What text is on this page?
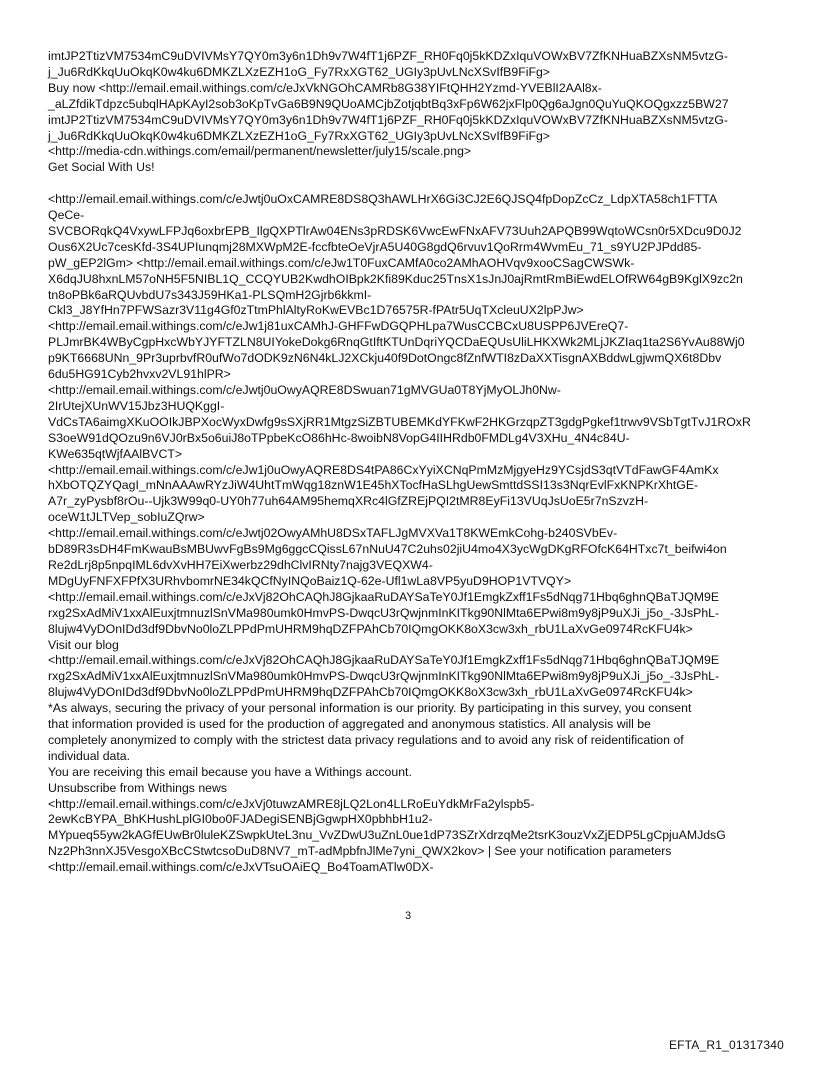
imtJP2TtizVM7534mC9uDVIVMsY7QY0m3y6n1Dh9v7W4fT1j6PZF_RH0Fq0j5kKDZxIquVOWxBV7ZfKNHuaBZXsNM5vtzG-
j_Ju6RdKkqUuOkqK0w4ku6DMKZLXzEZH1oG_Fy7RxXGT62_UGIy3pUvLNcXSvIfB9FiFg>
Buy now <http://email.email.withings.com/c/eJxVkNGOhCAMRb8G38YIFtQHH2Yzmd-YVEBlI2AAl8x-
_aLZfdikTdpzc5ubqlHApKAyI2sob3oKpTvGa6B9N9QUoAMCjbZotjqbtBq3xFp6W62jxFlp0Qg6aJgn0QuYuQKOQgxzz5BW27
imtJP2TtizVM7534mC9uDVIVMsY7QY0m3y6n1Dh9v7W4fT1j6PZF_RH0Fq0j5kKDZxIquVOWxBV7ZfKNHuaBZXsNM5vtzG-
j_Ju6RdKkqUuOkqK0w4ku6DMKZLXzEZH1oG_Fy7RxXGT62_UGIy3pUvLNcXSvIfB9FiFg>
<http://media-cdn.withings.com/email/permanent/newsletter/july15/scale.png>
Get Social With Us!
<http://email.email.withings.com/c/eJwtj0uOxCAMRE8DS8Q3hAWLHrX6Gi3CJ2E6QJSQ4fpDopZcCz_LdpXTA58ch1FTTA
QeCe-
SVCBORqkQ4VxywLFPJq6oxbrEPB_IlgQXPTlrAw04ENs3pRDSK6VwcEwFNxAFV73Uuh2APQB99WqtoWCsn0r5XDcu9D0J2
Ous6X2Uc7cesKfd-3S4UPIunqmj28MXWpM2E-fccfbteOeVjrA5U40G8gdQ6rvuv1QoRrm4WvmEu_71_s9YU2PJPdd85-
pW_gEP2lGm> <http://email.email.withings.com/c/eJw1T0FuxCAMfA0co2AMhAOHVqv9xooCSagCWSWk-
X6dqJU8hxnLM57oNH5F5NIBL1Q_CCQYUB2KwdhOIBpk2Kfi89Kduc25TnsX1sJnJ0ajRmtRmBiEwdELOfRW64gB9KglX9zc2n
tn8oPBk6aRQUvbdU7s343J59HKa1-PLSQmH2Gjrb6kkmI-
Ckl3_J8YfHn7PFWSazr3V11g4Gf0zTtmPhlAltyRoKwEVBc1D76575R-fPAtr5UqTXcleuUX2lpPJw>
<http://email.email.withings.com/c/eJw1j81uxCAMhJ-GHFFwDGQPHLpa7WusCCBCxU8USPP6JVEreQ7-
PLJmrBK4WByCgpHxcWbYJYFTZLN8UIYokeDokg6RnqGtIftKTUnDqriYQCDaEQUsUliLHKXWk2MLjJKZIaq1ta2S6YvAu88Wj0
p9KT6668UNn_9Pr3uprbvfR0ufWo7dODK9zN6N4kLJ2XCkju40f9DotOngc8fZnfWTI8zDaXXTisgnAXBddwLgjwmQX6t8Dbv
6du5HG91Cyb2hvxv2VL91hlPR>
<http://email.email.withings.com/c/eJwtj0uOwyAQRE8DSwuan71gMVGUa0T8YjMyOLJh0Nw-
2IrUtejXUnWV15Jbz3HUQKggI-
VdCsTA6aimgXKuOOIkJBPXocWyxDwfg9sSXjRR1MtgzSiZBTUBEMKdYFKwF2HKGrzqpZT3gdgPgkef1trwv9VSbTgtTvJ1ROxR
S3oeW91dQOzu9n6VJ0rBx5o6uiJ8oTPpbeKcO86hHc-8woibN8VopG4IIHRdb0FMDLg4V3XHu_4N4c84U-
KWe635qtWjfAAlBVCT>
<http://email.email.withings.com/c/eJw1j0uOwyAQRE8DS4tPA86CxYyiXCNqPmMzMjgyeHz9YCsjdS3qtVTdFawGF4AmKx
hXbOTQZYQagI_mNnAAAwRYzJiW4UhtTmWqg18znW1E45hXTocfHaSLhgUewSmttdSSI13s3NqrEvlFxKNPKrXhtGE-
A7r_zyPysbf8rOu--Ujk3W99q0-UY0h77uh64AM95hemqXRc4lGfZREjPQI2tMR8EyFi13VUqJsUoE5r7nSzvzH-
oceW1tJLTVep_sobIuZQrw>
<http://email.email.withings.com/c/eJwtj02OwyAMhU8DSxTAFLJgMVXVa1T8KWEmkCohg-b240SVbEv-
bD89R3sDH4FmKwauBsMBUwvFgBs9Mg6ggcCQissL67nNuU47C2uhs02jiU4mo4X3ycWgDKgRFOfcK64HTxc7t_beifwi4on
Re2dLrj8p5npqIML6dvXvHH7EiXwerbz29dhClvIRNty7najg3VEQXW4-
MDgUyFNFXFPfX3URhvbomrNE34kQCfNyINQoBaiz1Q-62e-Ufl1wLa8VP5yuD9HOP1VTVQY>
<http://email.email.withings.com/c/eJxVj82OhCAQhJ8GjkaaRuDAYSaTeY0Jf1EmgkZxff1Fs5dNqg71Hbq6ghnQBaTJQM9E
rxg2SxAdMiV1xxAlEuxjtmnuzlSnVMa980umk0HmvPS-DwqcU3rQwjnmInKITkg90NlMta6EPwi8m9y8jP9uXJi_j5o_-3JsPhL-
8lujw4VyDOnIDd3df9DbvNo0loZLPPdPmUHRM9hqDZFPAhCb70IQmgOKK8oX3cw3xh_rbU1LaXvGe0974RcKFU4k>
Visit our blog
<http://email.email.withings.com/c/eJxVj82OhCAQhJ8GjkaaRuDAYSaTeY0Jf1EmgkZxff1Fs5dNqg71Hbq6ghnQBaTJQM9E
rxg2SxAdMiV1xxAlEuxjtmnuzlSnVMa980umk0HmvPS-DwqcU3rQwjnmInKITkg90NlMta6EPwi8m9y8jP9uXJi_j5o_-3JsPhL-
8lujw4VyDOnIDd3df9DbvNo0loZLPPdPmUHRM9hqDZFPAhCb70IQmgOKK8oX3cw3xh_rbU1LaXvGe0974RcKFU4k>
*As always, securing the privacy of your personal information is our priority. By participating in this survey, you consent
that information provided is used for the production of aggregated and anonymous statistics. All analysis will be
completely anonymized to comply with the strictest data privacy regulations and to avoid any risk of reidentification of
individual data.
You are receiving this email because you have a Withings account.
Unsubscribe from Withings news
<http://email.email.withings.com/c/eJxVj0tuwzAMRE8jLQ2Lon4LLRoEuYdkMrFa2ylspb5-
2ewKcBYPA_BhKHushLplGI0bo0FJADegiSENBjGgwpHX0pbhbH1u2-
MYpueq55yw2kAGfEUwBr0luleKZSwpkUteL3nu_VvZDwU3uZnL0ue1dP73SZrXdrzqMe2tsrK3ouzVxZjEDP5LgCpjuAMJdsG
Nz2Ph3nnXJ5VesgoXBcCStwtcsoDuD8NV7_mT-adMpbfnJlMe7yni_QWX2kov> | See your notification parameters
<http://email.email.withings.com/c/eJxVTsuOAiEQ_Bo4ToamATlw0DX-
3
EFTA_R1_01317340
